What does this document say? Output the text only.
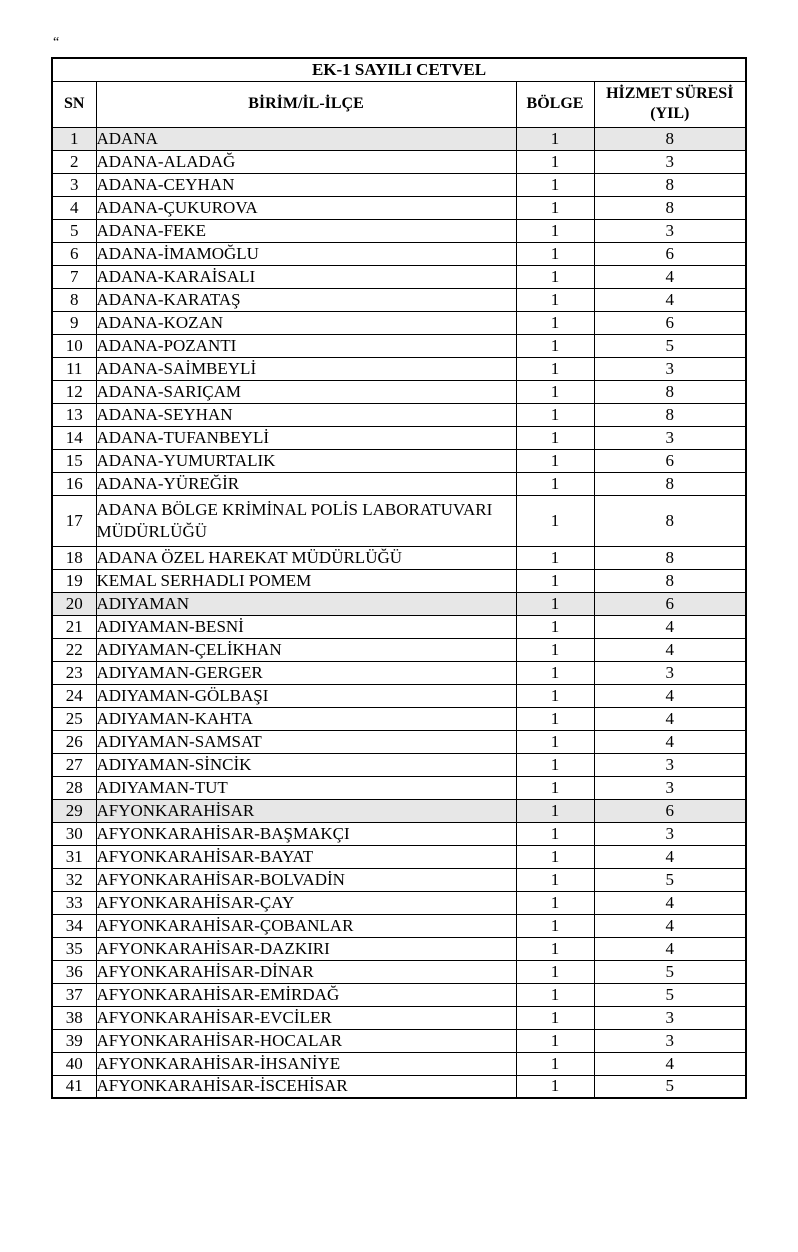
“
EK-1 SAYILI CETVEL			
SN	BİRİM/İL-İLÇE	BÖLGE	HİZMET SÜRESİ
(YIL)
1	ADANA	1	8
2	ADANA-ALADAĞ	1	3
3	ADANA-CEYHAN	1	8
4	ADANA-ÇUKUROVA	1	8
5	ADANA-FEKE	1	3
6	ADANA-İMAMOĞLU	1	6
7	ADANA-KARAİSALI	1	4
8	ADANA-KARATAŞ	1	4
9	ADANA-KOZAN	1	6
10	ADANA-POZANTI	1	5
11	ADANA-SAİMBEYLİ	1	3
12	ADANA-SARIÇAM	1	8
13	ADANA-SEYHAN	1	8
14	ADANA-TUFANBEYLİ	1	3
15	ADANA-YUMURTALIK	1	6
16	ADANA-YÜREĞİR	1	8
17	ADANA BÖLGE KRİMİNAL POLİS LABORATUVARI MÜDÜRLÜĞÜ	1	8
18	ADANA ÖZEL HAREKAT MÜDÜRLÜĞÜ	1	8
19	KEMAL SERHADLI POMEM	1	8
20	ADIYAMAN	1	6
21	ADIYAMAN-BESNİ	1	4
22	ADIYAMAN-ÇELİKHAN	1	4
23	ADIYAMAN-GERGER	1	3
24	ADIYAMAN-GÖLBAŞI	1	4
25	ADIYAMAN-KAHTA	1	4
26	ADIYAMAN-SAMSAT	1	4
27	ADIYAMAN-SİNCİK	1	3
28	ADIYAMAN-TUT	1	3
29	AFYONKARAHİSAR	1	6
30	AFYONKARAHİSAR-BAŞMAKÇI	1	3
31	AFYONKARAHİSAR-BAYAT	1	4
32	AFYONKARAHİSAR-BOLVADİN	1	5
33	AFYONKARAHİSAR-ÇAY	1	4
34	AFYONKARAHİSAR-ÇOBANLAR	1	4
35	AFYONKARAHİSAR-DAZKIRI	1	4
36	AFYONKARAHİSAR-DİNAR	1	5
37	AFYONKARAHİSAR-EMİRDAĞ	1	5
38	AFYONKARAHİSAR-EVCİLER	1	3
39	AFYONKARAHİSAR-HOCALAR	1	3
40	AFYONKARAHİSAR-İHSANİYE	1	4
41	AFYONKARAHİSAR-İSCEHİSAR	1	5
